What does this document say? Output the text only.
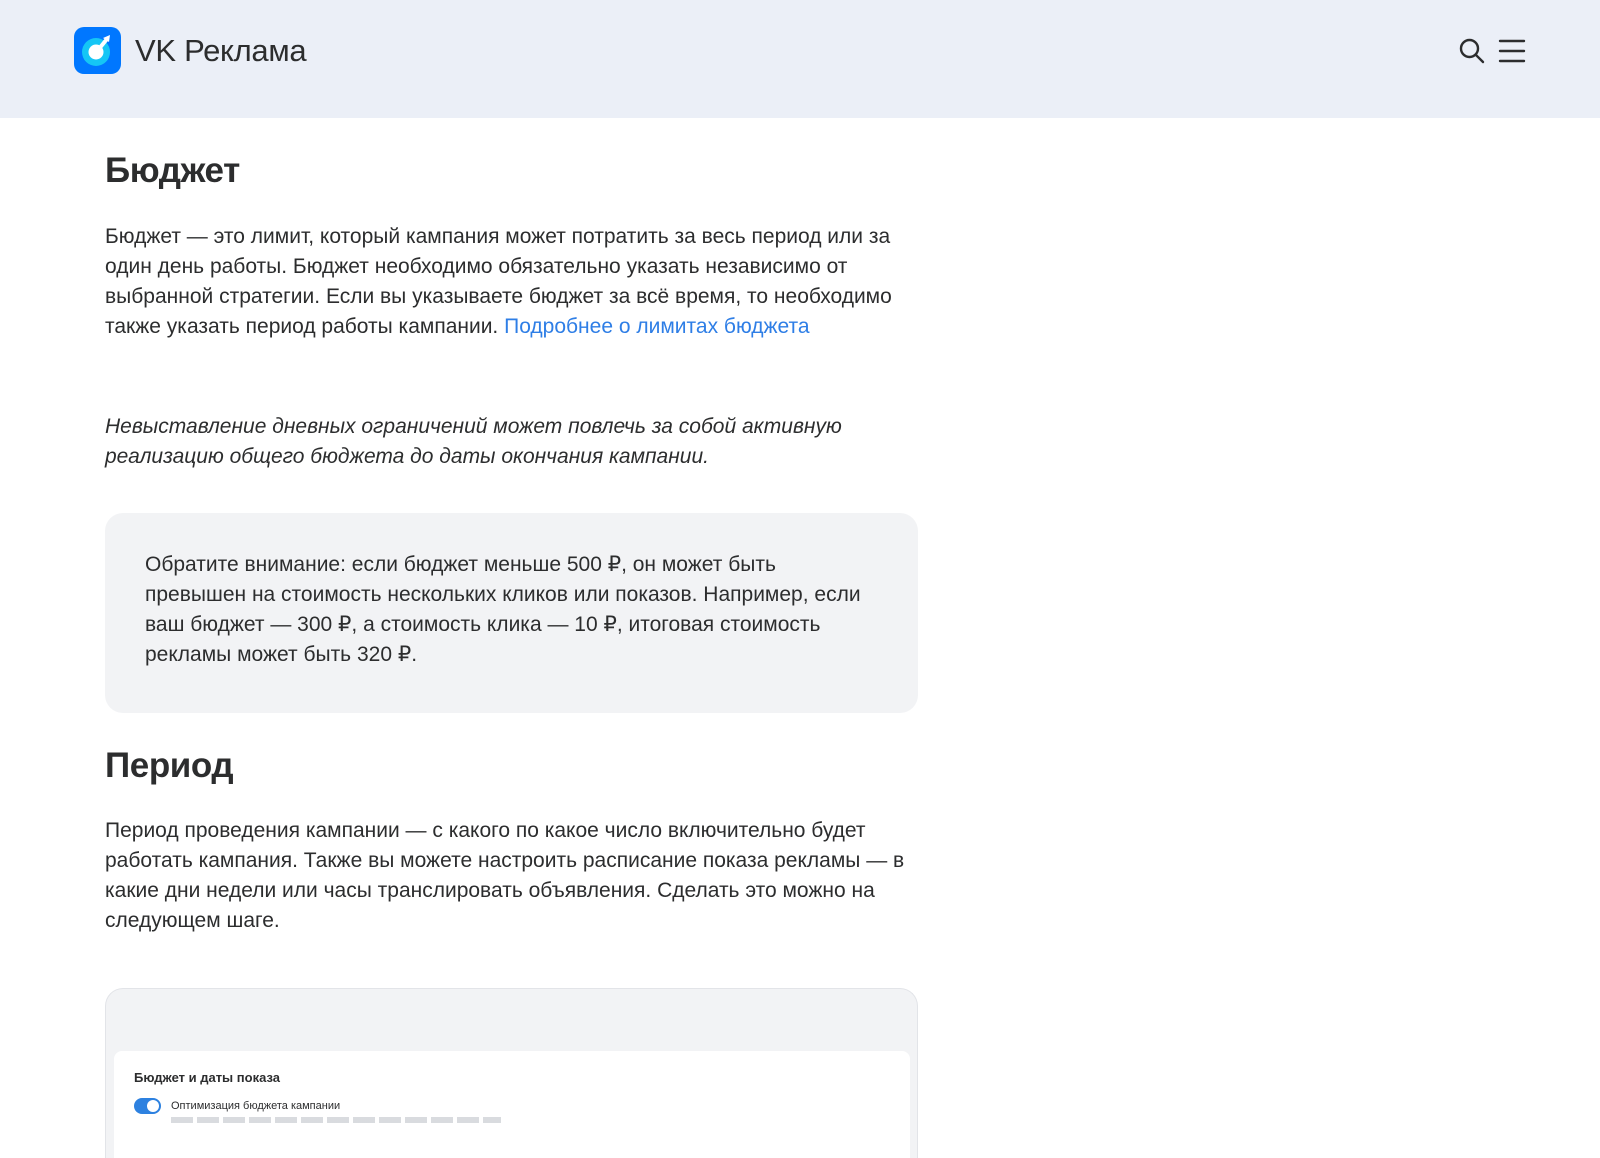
VK Реклама
Бюджет

Бюджет — это лимит, который кампания может потратить за весь период или за один день работы. Бюджет необходимо обязательно указать независимо от выбранной стратегии. Если вы указываете бюджет за всё время, то необходимо также указать период работы кампании. Подробнее о лимитах бюджета

Невыставление дневных ограничений может повлечь за собой активную реализацию общего бюджета до даты окончания кампании.

Обратите внимание: если бюджет меньше 500 ₽, он может быть превышен на стоимость нескольких кликов или показов. Например, если ваш бюджет — 300 ₽, а стоимость клика — 10 ₽, итоговая стоимость рекламы может быть 320 ₽.

Период

Период проведения кампании — с какого по какое число включительно будет работать кампания. Также вы можете настроить расписание показа рекламы — в какие дни недели или часы транслировать объявления. Сделать это можно на следующем шаге.

Бюджет и даты показа
Оптимизация бюджета кампании
